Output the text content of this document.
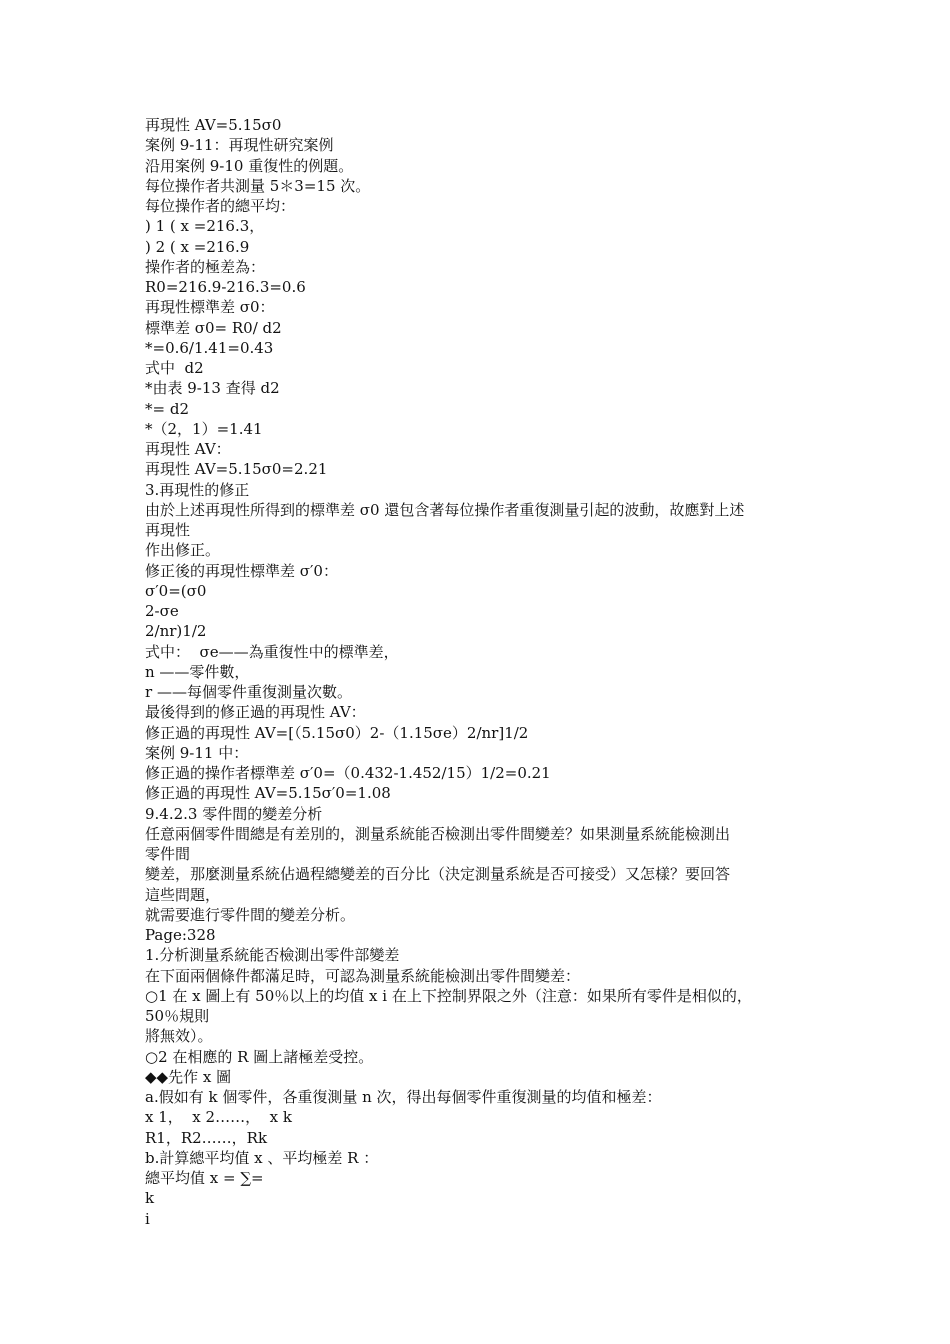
再現性 AV=5.15σ0
案例 9-11：再現性研究案例
沿用案例 9-10 重復性的例題。
每位操作者共測量 5＊3=15 次。
每位操作者的總平均：
) 1 ( x =216.3，
) 2 ( x =216.9
操作者的極差為：
R0=216.9-216.3=0.6
再現性標準差 σ0：
標準差 σ0= R0/ d2
*=0.6/1.41=0.43
式中  d2
*由表 9-13 查得 d2
*= d2
*（2，1）=1.41
再現性 AV：
再現性 AV=5.15σ0=2.21
3.再現性的修正
由於上述再現性所得到的標準差 σ0 還包含著每位操作者重復測量引起的波動，故應對上述
再現性
作出修正。
修正後的再現性標準差 σ′0：
σ′0=(σ0
2-σe
2/nr)1/2
式中：  σe——為重復性中的標準差，
n ——零件數，
r ——每個零件重復測量次數。
最後得到的修正過的再現性 AV：
修正過的再現性 AV=[（5.15σ0）2-（1.15σe）2/nr]1/2
案例 9-11 中：
修正過的操作者標準差 σ′0=（0.432-1.452/15）1/2=0.21
修正過的再現性 AV=5.15σ′0=1.08
9.4.2.3 零件間的變差分析
任意兩個零件間總是有差別的，測量系統能否檢測出零件間變差？如果測量系統能檢測出
零件間
變差，那麼測量系統佔過程總變差的百分比（決定測量系統是否可接受）又怎樣？要回答
這些問題，
就需要進行零件間的變差分析。
Page:328
1.分析測量系統能否檢測出零件部變差
在下面兩個條件都滿足時，可認為測量系統能檢測出零件間變差：
○1 在 x 圖上有 50％以上的均值 x i 在上下控制界限之外（注意：如果所有零件是相似的，
50％規則
將無效）。
○2 在相應的 R 圖上諸極差受控。
◆◆先作 x 圖
a.假如有 k 個零件，各重復測量 n 次，得出每個零件重復測量的均值和極差：
x 1，  x 2……，  x k
R1，R2……，Rk
b.計算總平均值 x 、平均極差 R ：
總平均值 x = ∑=
k
i
